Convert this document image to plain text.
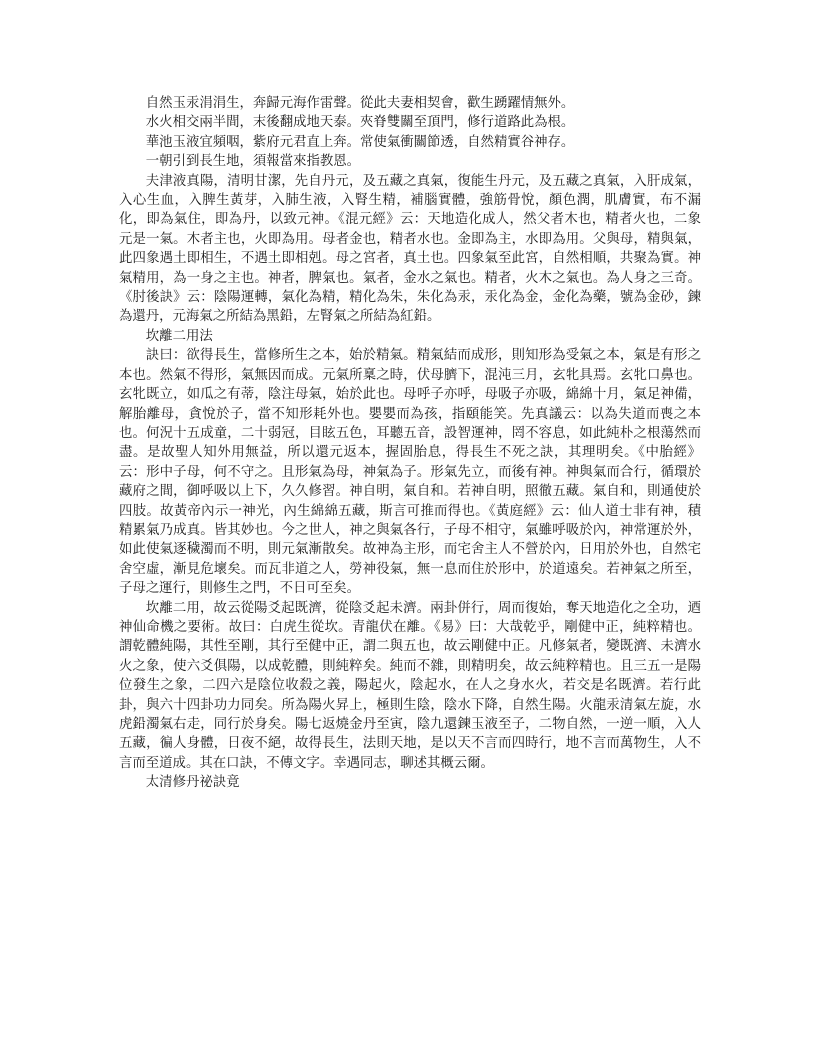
自然玉汞涓涓生，奔歸元海作雷聲。從此夫妻相契會，歡生踴躍情無外。

水火相交兩半間，末後翻成地天泰。夾脊雙關至頂門，修行道路此為根。

華池玉液宜頻咽，紫府元君直上奔。常使氣衝關節透，自然精實谷神存。

一朝引到長生地，須報當來指教恩。

夫津液真陽，清明甘潔，先自丹元，及五藏之真氣，復能生丹元，及五藏之真氣，入肝成氣，入心生血，入脾生黃芽，入肺生液，入腎生精，補腦實體，強筋骨悅，顏色潤，肌膚實，布不漏化，即為氣住，即為丹，以致元神。《混元經》云：天地造化成人，然父者木也，精者火也，二象元是一氣。木者主也，火即為用。母者金也，精者水也。金即為主，水即為用。父與母，精與氣，此四象遇土即相生，不遇土即相剋。母之宮者，真土也。四象氣至此宮，自然相順，共聚為實。神氣精用，為一身之主也。神者，脾氣也。氣者，金水之氣也。精者，火木之氣也。為人身之三奇。《肘後訣》云：陰陽運轉，氣化為精，精化為朱，朱化為汞，汞化為金，金化為藥，號為金砂，鍊為還丹，元海氣之所結為黑鉛，左腎氣之所結為紅鉛。

坎離二用法

訣曰：欲得長生，當修所生之本，始於精氣。精氣結而成形，則知形為受氣之本，氣是有形之本也。然氣不得形，氣無因而成。元氣所稟之時，伏母臍下，混沌三月，玄牝具焉。玄牝口鼻也。玄牝既立，如瓜之有蒂，陰注母氣，始於此也。母呼子亦呼，母吸子亦吸，綿綿十月，氣足神備，解胎離母，貪悅於子，當不知形耗外也。嬰嬰而為孩，指頤能笑。先真議云：以為失道而喪之本也。何況十五成童，二十弱冠，目眩五色，耳聽五音，設智運神，罔不容息，如此純朴之根蕩然而盡。是故聖人知外用無益，所以還元返本，握固胎息，得長生不死之訣，其理明矣。《中胎經》云：形中子母，何不守之。且形氣為母，神氣為子。形氣先立，而後有神。神與氣而合行，循環於藏府之間，御呼吸以上下，久久修習。神自明，氣自和。若神自明，照徹五藏。氣自和，則通使於四肢。故黃帝內示一神光，內生綿綿五藏，斯言可推而得也。《黃庭經》云：仙人道士非有神，積精累氣乃成真。皆其妙也。今之世人，神之與氣各行，子母不相守，氣雖呼吸於內，神常運於外，如此使氣逐穢濁而不明，則元氣漸散矣。故神為主形，而宅舍主人不營於內，日用於外也，自然宅舍空虛，漸見危壞矣。而瓦非道之人，勞神役氣，無一息而住於形中，於道遠矣。若神氣之所至，子母之運行，則修生之門，不日可至矣。

坎離二用，故云從陽爻起既濟，從陰爻起未濟。兩卦併行，周而復始，奪天地造化之全功，迺神仙命機之要術。故曰：白虎生從坎。青龍伏在離。《易》曰：大哉乾乎，剛健中正，純粹精也。謂乾體純陽，其性至剛，其行至健中正，謂二與五也，故云剛健中正。凡修氣者，變既濟、未濟水火之象，使六爻俱陽，以成乾體，則純粹矣。純而不雜，則精明矣，故云純粹精也。且三五一是陽位發生之象，二四六是陰位收殺之義，陽起火，陰起水，在人之身水火，若交是名既濟。若行此卦，與六十四卦功力同矣。所為陽火昇上，極則生陰，陰水下降，自然生陽。火龍汞清氣左旋，水虎鉛濁氣右走，同行於身矣。陽七返燒金丹至寅，陰九還鍊玉液至子，二物自然，一逆一順，入人五藏，徧人身體，日夜不絕，故得長生，法則天地，是以天不言而四時行，地不言而萬物生，人不言而至道成。其在口訣，不傳文字。幸遇同志，聊述其概云爾。

太清修丹祕訣竟
